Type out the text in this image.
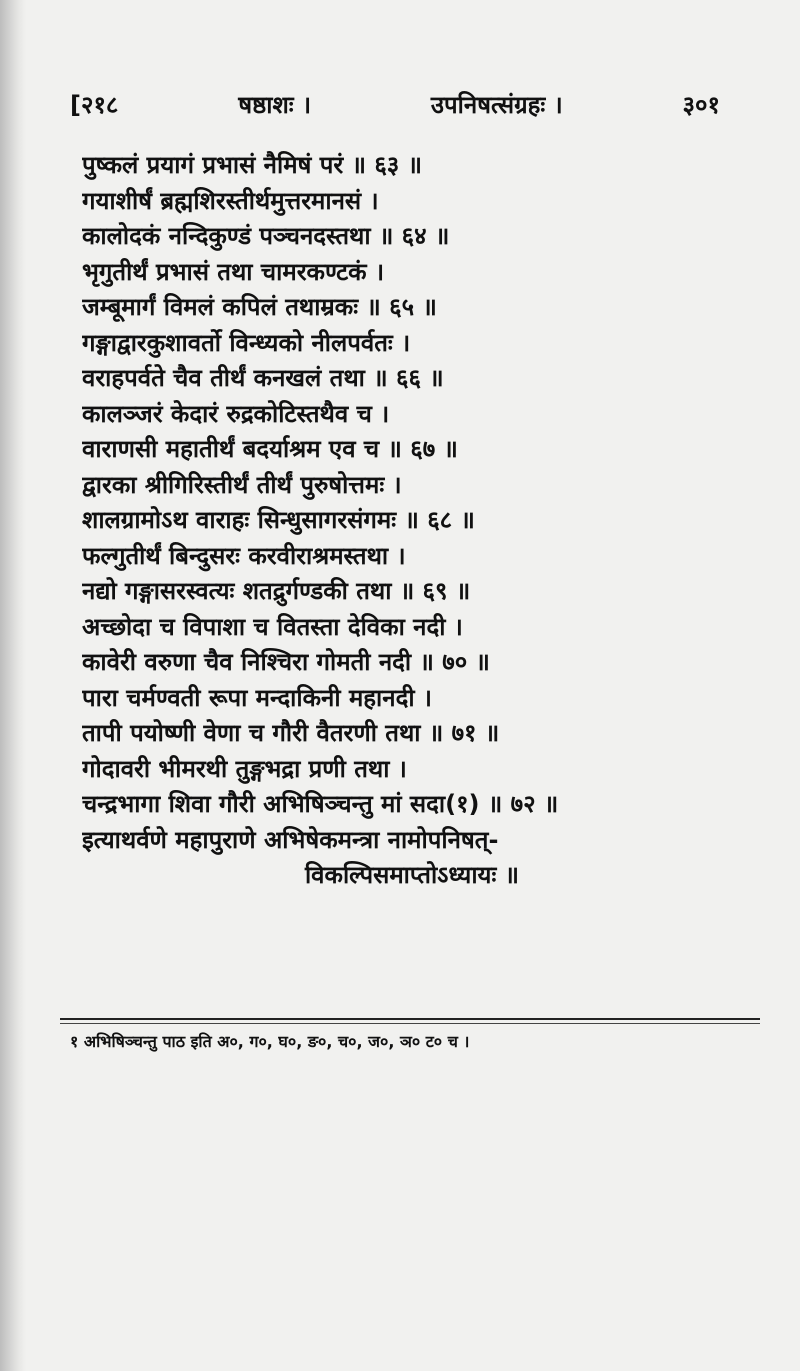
[२१८	षष्ठाशः ।	उपनिषत्संग्रहः ।	३०१
पुष्कलं प्रयागं प्रभासं नैमिषं परं ॥ ६३ ॥
गयाशीर्षं ब्रह्मशिरस्तीर्थमुत्तरमानसं ।
कालोदकं नन्दिकुण्डं पञ्चनदस्तथा ॥ ६४ ॥
भृगुतीर्थं प्रभासं तथा चामरकण्टकं ।
जम्बूमार्गं विमलं कपिलं तथाम्रकः ॥ ६५ ॥
गङ्गाद्वारकुशावर्तो विन्ध्यको नीलपर्वतः ।
वराहपर्वते चैव तीर्थं कनखलं तथा ॥ ६६ ॥
कालञ्जरं केदारं रुद्रकोटिस्तथैव च ।
वाराणसी महातीर्थं बदर्याश्रम एव च ॥ ६७ ॥
द्वारका श्रीगिरिस्तीर्थं तीर्थं पुरुषोत्तमः ।
शालग्रामोऽथ वाराहः सिन्धुसागरसंगमः ॥ ६८ ॥
फल्गुतीर्थं बिन्दुसरः करवीराश्रमस्तथा ।
नद्यो गङ्गासरस्वत्यः शतद्रुर्गण्डकी तथा ॥ ६९ ॥
अच्छोदा च विपाशा च वितस्ता देविका नदी ।
कावेरी वरुणा चैव निश्चिरा गोमती नदी ॥ ७० ॥
पारा चर्मण्वती रूपा मन्दाकिनी महानदी ।
तापी पयोष्णी वेणा च गौरी वैतरणी तथा ॥ ७१ ॥
गोदावरी भीमरथी तुङ्गभद्रा प्रणी तथा ।
चन्द्रभागा शिवा गौरी अभिषिञ्चन्तु मां सदा(१) ॥ ७२ ॥
इत्याथर्वणे महापुराणे अभिषेकमन्त्रा नामोपनिषत्-
विकल्पिसमाप्तोऽध्यायः ॥
१ अभिषिञ्चन्तु पाठ इति अ०, ग०, घ०, ङ०, च०, ज०, ञ० ट० च ।
